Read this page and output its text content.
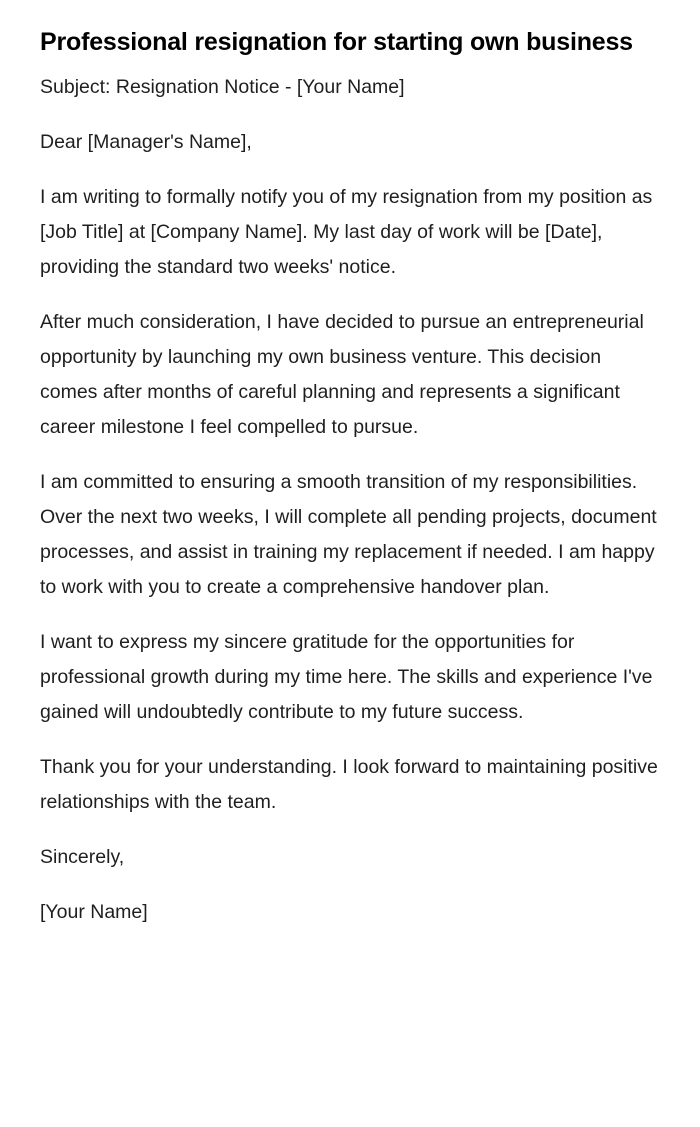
Professional resignation for starting own business

Subject: Resignation Notice - [Your Name]

Dear [Manager's Name],

I am writing to formally notify you of my resignation from my position as [Job Title] at [Company Name]. My last day of work will be [Date], providing the standard two weeks' notice.

After much consideration, I have decided to pursue an entrepreneurial opportunity by launching my own business venture. This decision comes after months of careful planning and represents a significant career milestone I feel compelled to pursue.

I am committed to ensuring a smooth transition of my responsibilities. Over the next two weeks, I will complete all pending projects, document processes, and assist in training my replacement if needed. I am happy to work with you to create a comprehensive handover plan.

I want to express my sincere gratitude for the opportunities for professional growth during my time here. The skills and experience I've gained will undoubtedly contribute to my future success.

Thank you for your understanding. I look forward to maintaining positive relationships with the team.

Sincerely,

[Your Name]
